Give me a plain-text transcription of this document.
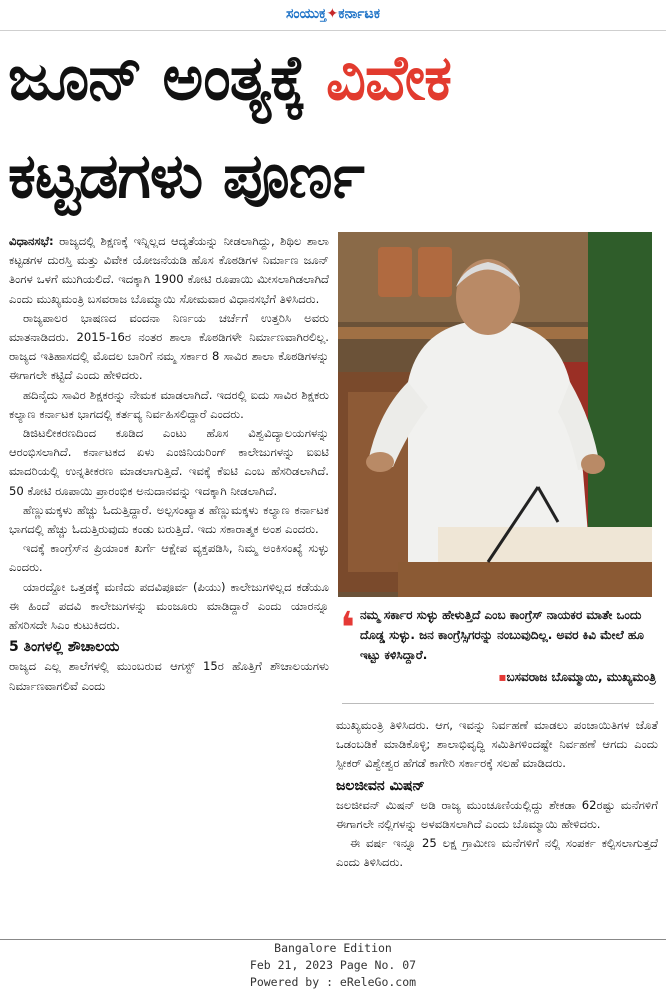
ಸಂಯುಕ್ತ✦ಕರ್ನಾಟಕ
ಜೂನ್ ಅಂತ್ಯಕ್ಕೆ ವಿವೇಕ
ಕಟ್ಟಡಗಳು ಪೂರ್ಣ

ವಿಧಾನಸಭೆ: ರಾಜ್ಯದಲ್ಲಿ ಶಿಕ್ಷಣಕ್ಕೆ ಇನ್ನಿಲ್ಲದ ಆದ್ಯತೆಯನ್ನು ನೀಡಲಾಗಿದ್ದು, ಶಿಥಿಲ ಶಾಲಾ ಕಟ್ಟಡಗಳ ದುರಸ್ತಿ ಮತ್ತು ವಿವೇಕ ಯೋಜನೆಯಡಿ ಹೊಸ ಕೊಠಡಿಗಳ ನಿರ್ಮಾಣ ಜೂನ್ ತಿಂಗಳ ಒಳಗೆ ಮುಗಿಯಲಿದೆ. ಇದಕ್ಕಾಗಿ 1900 ಕೋಟಿ ರೂಪಾಯಿ ಮೀಸಲಾಗಿಡಲಾಗಿದೆ ಎಂದು ಮುಖ್ಯಮಂತ್ರಿ ಬಸವರಾಜ ಬೊಮ್ಮಾಯಿ ಸೋಮವಾರ ವಿಧಾನಸಭೆಗೆ ತಿಳಿಸಿದರು.

ರಾಜ್ಯಪಾಲರ ಭಾಷಣದ ವಂದನಾ ನಿರ್ಣಯ ಚರ್ಚೆಗೆ ಉತ್ತರಿಸಿ ಅವರು ಮಾತನಾಡಿದರು. 2015-16ರ ನಂತರ ಶಾಲಾ ಕೊಠಡಿಗಳೇ ನಿರ್ಮಾಣವಾಗಿರಲಿಲ್ಲ. ರಾಜ್ಯದ ಇತಿಹಾಸದಲ್ಲಿ ಮೊದಲ ಬಾರಿಗೆ ನಮ್ಮ ಸರ್ಕಾರ 8 ಸಾವಿರ ಶಾಲಾ ಕೊಠಡಿಗಳನ್ನು ಈಗಾಗಲೇ ಕಟ್ಟಿದೆ ಎಂದು ಹೇಳಿದರು.

ಹದಿನೈದು ಸಾವಿರ ಶಿಕ್ಷಕರನ್ನು ನೇಮಕ ಮಾಡಲಾಗಿದೆ. ಇದರಲ್ಲಿ ಐದು ಸಾವಿರ ಶಿಕ್ಷಕರು ಕಲ್ಯಾಣ ಕರ್ನಾಟಕ ಭಾಗದಲ್ಲಿ ಕರ್ತವ್ಯ ನಿರ್ವಹಿಸಲಿದ್ದಾರೆ ಎಂದರು.

ಡಿಜಿಟಲೀಕರಣದಿಂದ ಕೂಡಿದ ಎಂಟು ಹೊಸ ವಿಶ್ವವಿದ್ಯಾಲಯಗಳನ್ನು ಆರಂಭಿಸಲಾಗಿದೆ. ಕರ್ನಾಟಕದ ಏಳು ಎಂಜಿನಿಯರಿಂಗ್ ಕಾಲೇಜುಗಳನ್ನು ಐಐಟಿ ಮಾದರಿಯಲ್ಲಿ ಉನ್ನತೀಕರಣ ಮಾಡಲಾಗುತ್ತಿದೆ. ಇವಕ್ಕೆ ಕೆಐಟಿ ಎಂಬ ಹೆಸರಿಡಲಾಗಿದೆ. 50 ಕೋಟಿ ರೂಪಾಯಿ ಪ್ರಾರಂಭಿಕ ಅನುದಾನವನ್ನು ಇದಕ್ಕಾಗಿ ನೀಡಲಾಗಿದೆ.

ಹೆಣ್ಣುಮಕ್ಕಳು ಹೆಚ್ಚು ಓದುತ್ತಿದ್ದಾರೆ. ಅಲ್ಪಸಂಖ್ಯಾತ ಹೆಣ್ಣುಮಕ್ಕಳು ಕಲ್ಯಾಣ ಕರ್ನಾಟಕ ಭಾಗದಲ್ಲಿ ಹೆಚ್ಚು ಓದುತ್ತಿರುವುದು ಕಂಡು ಬರುತ್ತಿದೆ. ಇದು ಸಕಾರಾತ್ಮಕ ಅಂಶ ಎಂದರು.

ಇದಕ್ಕೆ ಕಾಂಗ್ರೆಸ್‌ನ ಪ್ರಿಯಾಂಕ ಖರ್ಗೆ ಆಕ್ಷೇಪ ವ್ಯಕ್ತಪಡಿಸಿ, ನಿಮ್ಮ ಅಂಕಿಸಂಖ್ಯೆ ಸುಳ್ಳು ಎಂದರು.

ಯಾರದ್ದೋ ಒತ್ತಡಕ್ಕೆ ಮಣಿದು ಪದವಿಪೂರ್ವ (ಪಿಯು) ಕಾಲೇಜುಗಳಿಲ್ಲದ ಕಡೆಯೂ ಈ ಹಿಂದೆ ಪದವಿ ಕಾಲೇಜುಗಳನ್ನು ಮಂಜೂರು ಮಾಡಿದ್ದಾರೆ ಎಂದು ಯಾರನ್ನೂ ಹೆಸರಿಸದೇ ಸಿಎಂ ಕುಟುಕಿದರು.

5 ತಿಂಗಳಲ್ಲಿ ಶೌಚಾಲಯ

ರಾಜ್ಯದ ಎಲ್ಲ ಶಾಲೆಗಳಲ್ಲಿ ಮುಂಬರುವ ಆಗಸ್ಟ್ 15ರ ಹೊತ್ತಿಗೆ ಶೌಚಾಲಯಗಳು ನಿರ್ಮಾಣವಾಗಲಿವೆ ಎಂದು

❛ ನಮ್ಮ ಸರ್ಕಾರ ಸುಳ್ಳು ಹೇಳುತ್ತಿದೆ ಎಂಬ ಕಾಂಗ್ರೆಸ್ ನಾಯಕರ ಮಾತೇ ಒಂದು ದೊಡ್ಡ ಸುಳ್ಳು. ಜನ ಕಾಂಗ್ರೆಸ್ಸಿಗರನ್ನು ನಂಬುವುದಿಲ್ಲ. ಅವರ ಕಿವಿ ಮೇಲೆ ಹೂ ಇಟ್ಟು ಕಳಿಸಿದ್ದಾರೆ.
▪ಬಸವರಾಜ ಬೊಮ್ಮಾಯಿ, ಮುಖ್ಯಮಂತ್ರಿ

ಮುಖ್ಯಮಂತ್ರಿ ತಿಳಿಸಿದರು. ಆಗ, ಇವನ್ನು ನಿರ್ವಹಣೆ ಮಾಡಲು ಪಂಚಾಯಿತಿಗಳ ಜೊತೆ ಒಡಂಬಡಿಕೆ ಮಾಡಿಕೊಳ್ಳಿ; ಶಾಲಾಭಿವೃದ್ಧಿ ಸಮಿತಿಗಳಿಂದಷ್ಟೇ ನಿರ್ವಹಣೆ ಆಗದು ಎಂದು ಸ್ಪೀಕರ್ ವಿಶ್ವೇಶ್ವರ ಹೆಗಡೆ ಕಾಗೇರಿ ಸರ್ಕಾರಕ್ಕೆ ಸಲಹೆ ಮಾಡಿದರು.

ಜಲಜೀವನ ಮಿಷನ್

ಜಲಜೀವನ್ ಮಿಷನ್ ಅಡಿ ರಾಜ್ಯ ಮುಂಚೂಣಿಯಲ್ಲಿದ್ದು ಶೇಕಡಾ 62ರಷ್ಟು ಮನೆಗಳಿಗೆ ಈಗಾಗಲೇ ನಲ್ಲಿಗಳನ್ನು ಅಳವಡಿಸಲಾಗಿದೆ ಎಂದು ಬೊಮ್ಮಾಯಿ ಹೇಳಿದರು.

ಈ ವರ್ಷ ಇನ್ನೂ 25 ಲಕ್ಷ ಗ್ರಾಮೀಣ ಮನೆಗಳಿಗೆ ನಲ್ಲಿ ಸಂಪರ್ಕ ಕಲ್ಪಿಸಲಾಗುತ್ತದೆ ಎಂದು ತಿಳಿಸಿದರು.

Bangalore Edition
Feb 21, 2023 Page No. 07
Powered by : eReleGo.com
